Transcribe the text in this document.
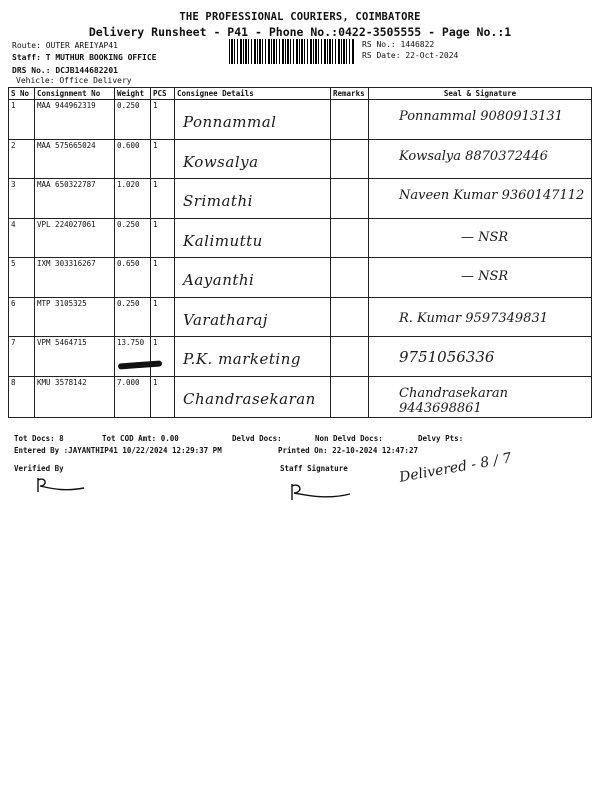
THE PROFESSIONAL COURIERS, COIMBATORE
Delivery Runsheet - P41 - Phone No.:0422-3505555 - Page No.:1
Route: OUTER AREIYAP41
Staff: T MUTHUR BOOKING OFFICE
DRS No.: DCJB144682201
Vehicle: Office Delivery
RS No.: 1446822
RS Date: 22-Oct-2024
S No	Consignment No	Weight	PCS	Consignee Details	Remarks	Seal & Signature
1	MAA 944962319	0.250	1	Ponnammal		Ponnammal 9080913131

2	MAA 575665024	0.600	1	Kowsalya		Kowsalya 8870372446

3	MAA 650322787	1.020	1	Srimathi		Naveen Kumar 9360147112

4	VPL 224027061	0.250	1	Kalimuttu		— NSR

5	IXM 303316267	0.650	1	Aayanthi		— NSR

6	MTP 3105325	0.250	1	Varatharaj		R. Kumar 9597349831

7	VPM 5464715	13.750	1	P.K. marketing		9751056336

8	KMU 3578142	7.000	1	Chandrasekaran		Chandrasekaran 9443698861
Tot Docs: 8	Tot COD Amt: 0.00	Delvd Docs:	Non Delvd Docs:	Delvy Pts:
Entered By :JAYANTHIP41 10/22/2024 12:29:37 PM	Printed On: 22-10-2024 12:47:27
Verified By	Staff Signature	Delivered - 8 / 7
